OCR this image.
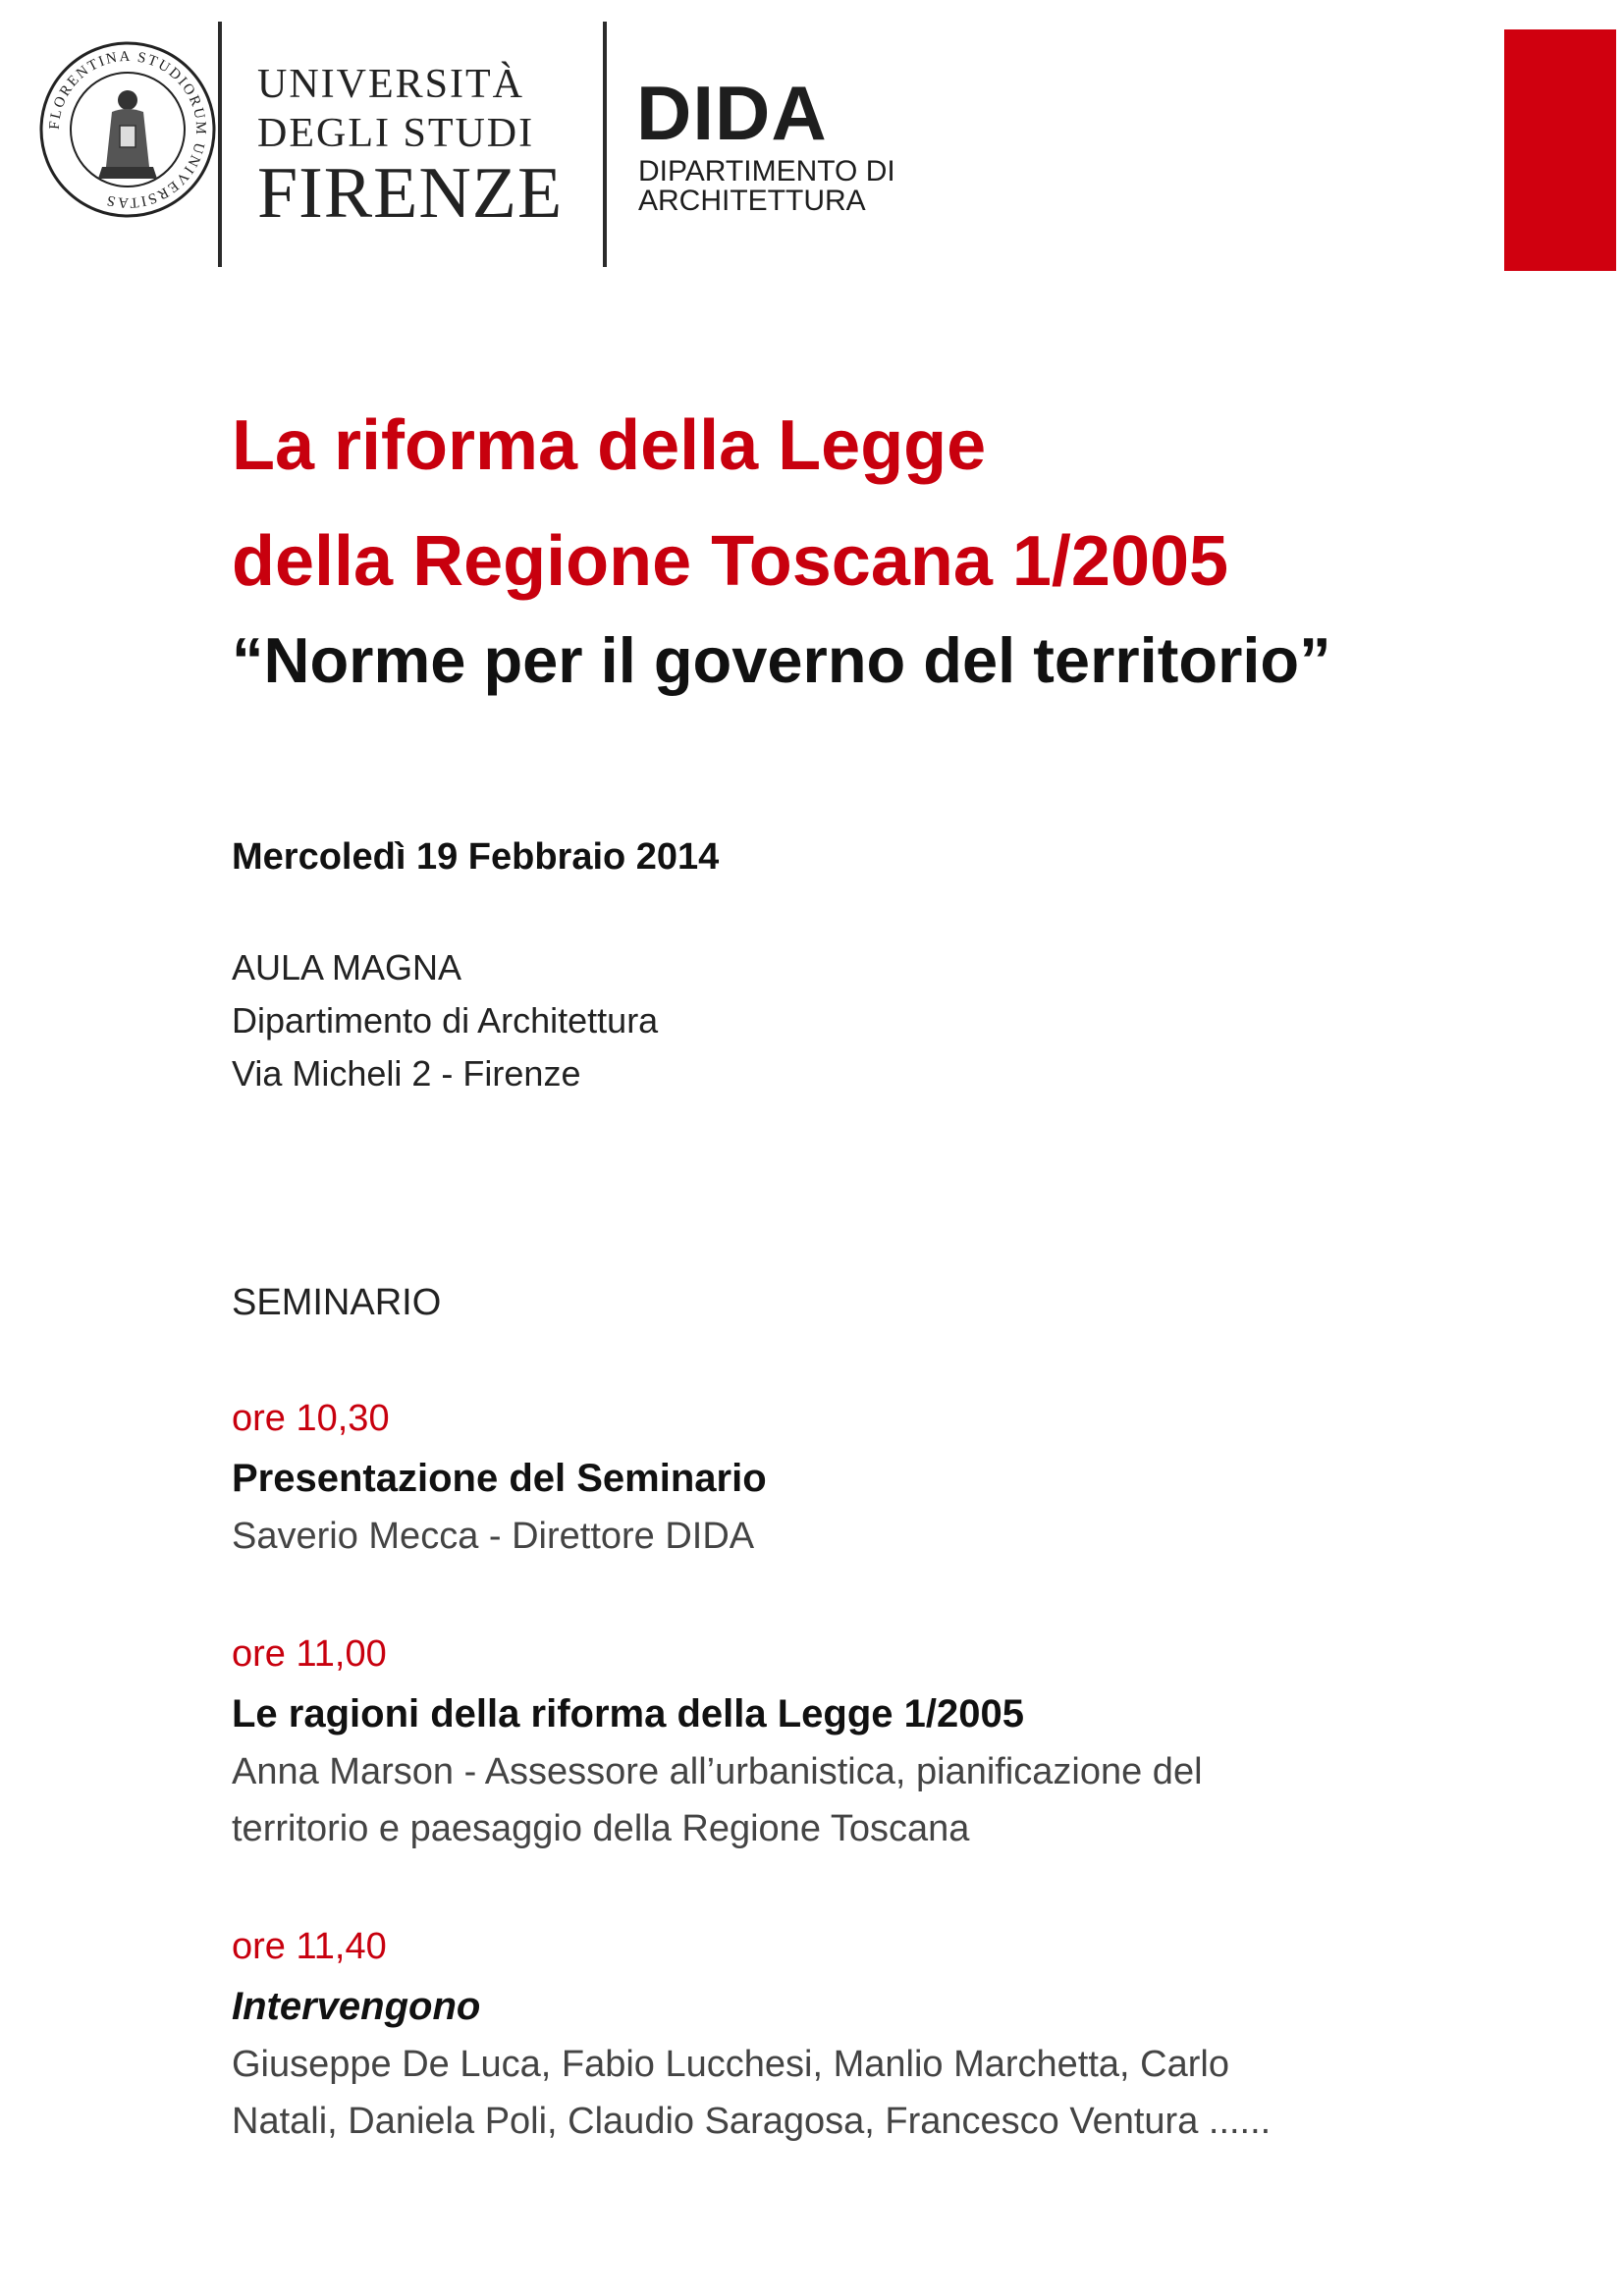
FLORENTINA STUDIORUM UNIVERSITAS
UNIVERSITÀ
DEGLI STUDI
FIRENZE
DIDA
DIPARTIMENTO DI
ARCHITETTURA
La riforma della Legge
della Regione Toscana 1/2005
“Norme per il governo del territorio”
Mercoledì 19 Febbraio 2014
AULA MAGNA
Dipartimento di Architettura
Via Micheli 2 - Firenze
SEMINARIO
ore 10,30
Presentazione del Seminario
Saverio Mecca - Direttore DIDA
ore 11,00
Le ragioni della riforma della Legge 1/2005
Anna Marson - Assessore all’urbanistica, pianificazione del
territorio e paesaggio della Regione Toscana
ore 11,40
Intervengono
Giuseppe De Luca, Fabio Lucchesi, Manlio Marchetta, Carlo
Natali, Daniela Poli, Claudio Saragosa, Francesco Ventura ......
